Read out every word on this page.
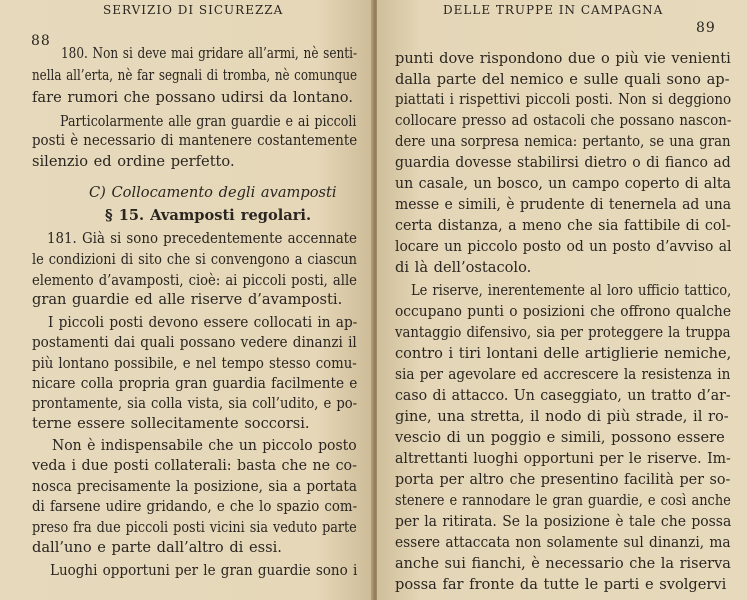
88
SERVIZIO DI SICUREZZA
180. Non si deve mai gridare all’armi, nè senti-
nella all’erta, nè far segnali di tromba, nè comunque
fare rumori che possano udirsi da lontano.
Particolarmente alle gran guardie e ai piccoli
posti è necessario di mantenere costantemente
silenzio ed ordine perfetto.
C) Collocamento degli avamposti
§ 15. Avamposti regolari.
181. Già si sono precedentemente accennate
le condizioni di sito che si convengono a ciascun
elemento d’avamposti, cioè: ai piccoli posti, alle
gran guardie ed alle riserve d’avamposti.
I piccoli posti devono essere collocati in ap-
postamenti dai quali possano vedere dinanzi il
più lontano possibile, e nel tempo stesso comu-
nicare colla propria gran guardia facilmente e
prontamente, sia colla vista, sia coll’udito, e po-
terne essere sollecitamente soccorsi.
Non è indispensabile che un piccolo posto
veda i due posti collaterali: basta che ne co-
nosca precisamente la posizione, sia a portata
di farsene udire gridando, e che lo spazio com-
preso fra due piccoli posti vicini sia veduto parte
dall’uno e parte dall’altro di essi.
Luoghi opportuni per le gran guardie sono i
DELLE TRUPPE IN CAMPAGNA
89
punti dove rispondono due o più vie venienti
dalla parte del nemico e sulle quali sono ap-
piattati i rispettivi piccoli posti. Non si deggiono
collocare presso ad ostacoli che possano nascon-
dere una sorpresa nemica: pertanto, se una gran
guardia dovesse stabilirsi dietro o di fianco ad
un casale, un bosco, un campo coperto di alta
messe e simili, è prudente di tenernela ad una
certa distanza, a meno che sia fattibile di col-
locare un piccolo posto od un posto d’avviso al
di là dell’ostacolo.
Le riserve, inerentemente al loro ufficio tattico,
occupano punti o posizioni che offrono qualche
vantaggio difensivo, sia per proteggere la truppa
contro i tiri lontani delle artiglierie nemiche,
sia per agevolare ed accrescere la resistenza in
caso di attacco. Un caseggiato, un tratto d’ar-
gine, una stretta, il nodo di più strade, il ro-
vescio di un poggio e simili, possono essere
altrettanti luoghi opportuni per le riserve. Im-
porta per altro che presentino facilità per so-
stenere e rannodare le gran guardie, e così anche
per la ritirata. Se la posizione è tale che possa
essere attaccata non solamente sul dinanzi, ma
anche sui fianchi, è necessario che la riserva
possa far fronte da tutte le parti e svolgervi
